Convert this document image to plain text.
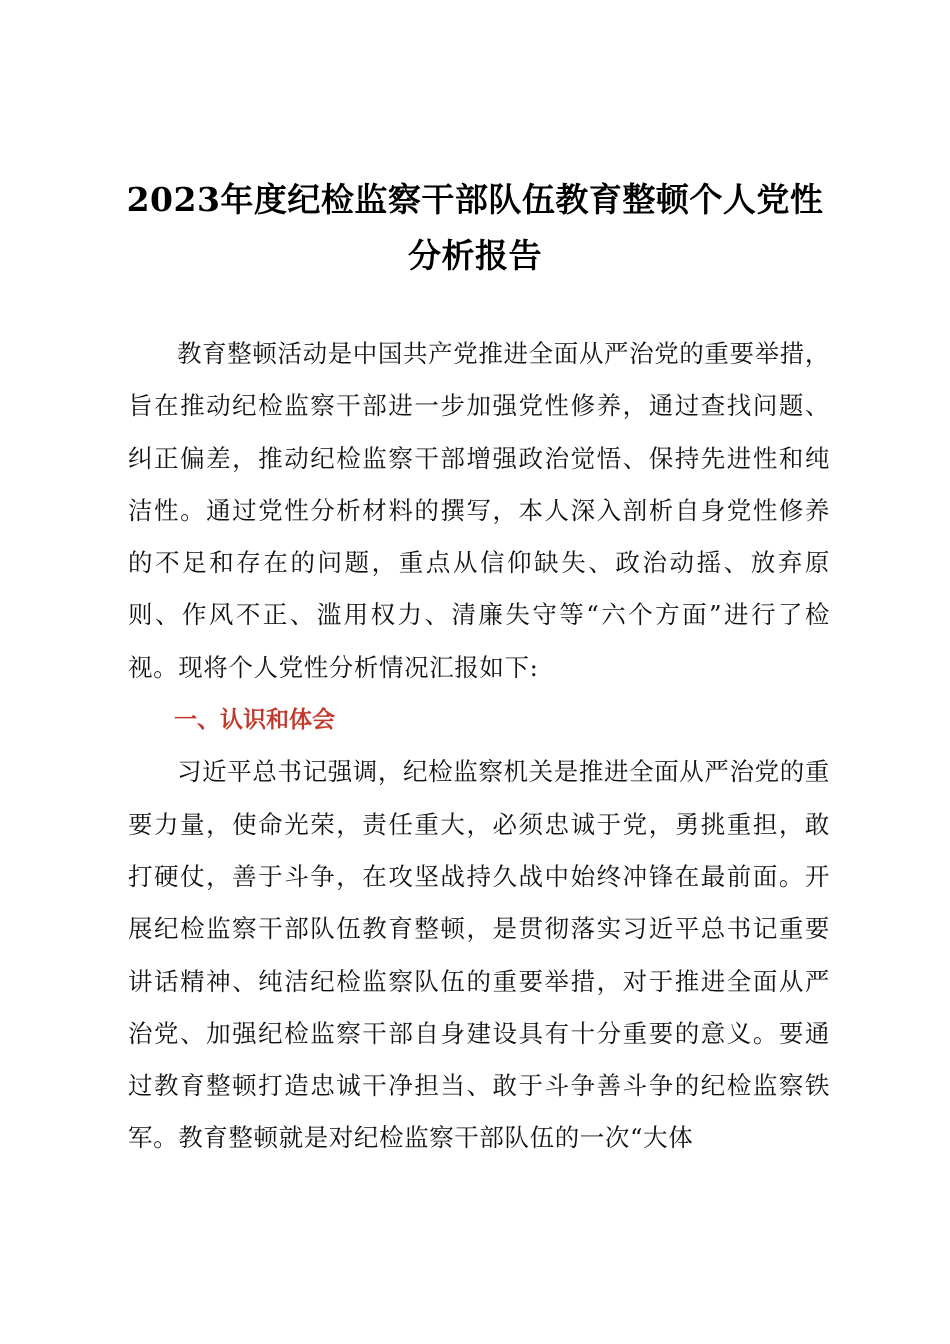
2023年度纪检监察干部队伍教育整顿个人党性分析报告

教育整顿活动是中国共产党推进全面从严治党的重要举措，旨在推动纪检监察干部进一步加强党性修养，通过查找问题、纠正偏差，推动纪检监察干部增强政治觉悟、保持先进性和纯洁性。通过党性分析材料的撰写，本人深入剖析自身党性修养的不足和存在的问题，重点从信仰缺失、政治动摇、放弃原则、作风不正、滥用权力、清廉失守等“六个方面”进行了检视。现将个人党性分析情况汇报如下:

一、认识和体会

习近平总书记强调，纪检监察机关是推进全面从严治党的重要力量，使命光荣，责任重大，必须忠诚于党，勇挑重担，敢打硬仗，善于斗争，在攻坚战持久战中始终冲锋在最前面。开展纪检监察干部队伍教育整顿，是贯彻落实习近平总书记重要讲话精神、纯洁纪检监察队伍的重要举措，对于推进全面从严治党、加强纪检监察干部自身建设具有十分重要的意义。要通过教育整顿打造忠诚干净担当、敢于斗争善斗争的纪检监察铁军。教育整顿就是对纪检监察干部队伍的一次“大体
